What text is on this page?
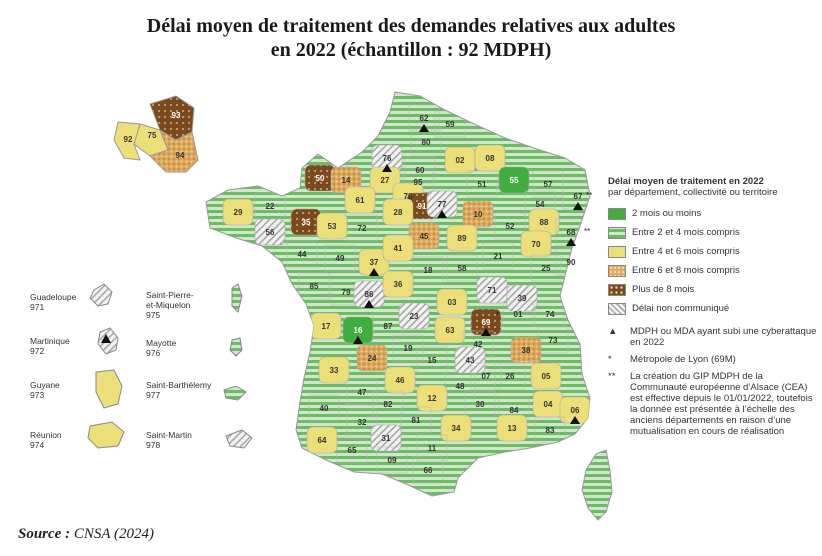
Délai moyen de traitement des demandes relatives aux adultes
en 2022 (échantillon : 92 MDPH)
62
59
80
02	08
76
60
55
51	57
67
50 14	27	95
78
91 77
10
54
88
68
29
22
35
61
28
53	72
45	89
52
70
90
56
44	49	37
41
18	58
21
25
85
79 86
36
71
39
03
17	16	87
23
63
69
01	74
73
42
38
24
19
15	43
07 26	05
33
46
47
48
04
06
40	82
12
30
84
83
13
32	81
34
64
65
31
11
09
66
*
**
**
93
75
92
94
Guadeloupe
971
Martinique
972
Guyane
973
Réunion
974
Saint-Pierre-
et-Miquelon
975
Mayotte
976
Saint-Barthélemy
977
Saint-Martin
978
Délai moyen de traitement en 2022
par département, collectivité ou territoire
2 mois ou moins
Entre 2 et 4 mois compris
Entre 4 et 6 mois compris
Entre 6 et 8 mois compris
Plus de 8 mois
Délai non communiqué
▲	MDPH ou MDA ayant subi une cyberattaque en 2022
*	Métropole de Lyon (69M)
**	La création du GIP MDPH de la Communauté européenne d’Alsace (CEA) est effective depuis le 01/01/2022, toutefois la donnée est présentée à l’échelle des anciens départements en raison d’une mutualisation en cours de réalisation
Source : CNSA (2024)
